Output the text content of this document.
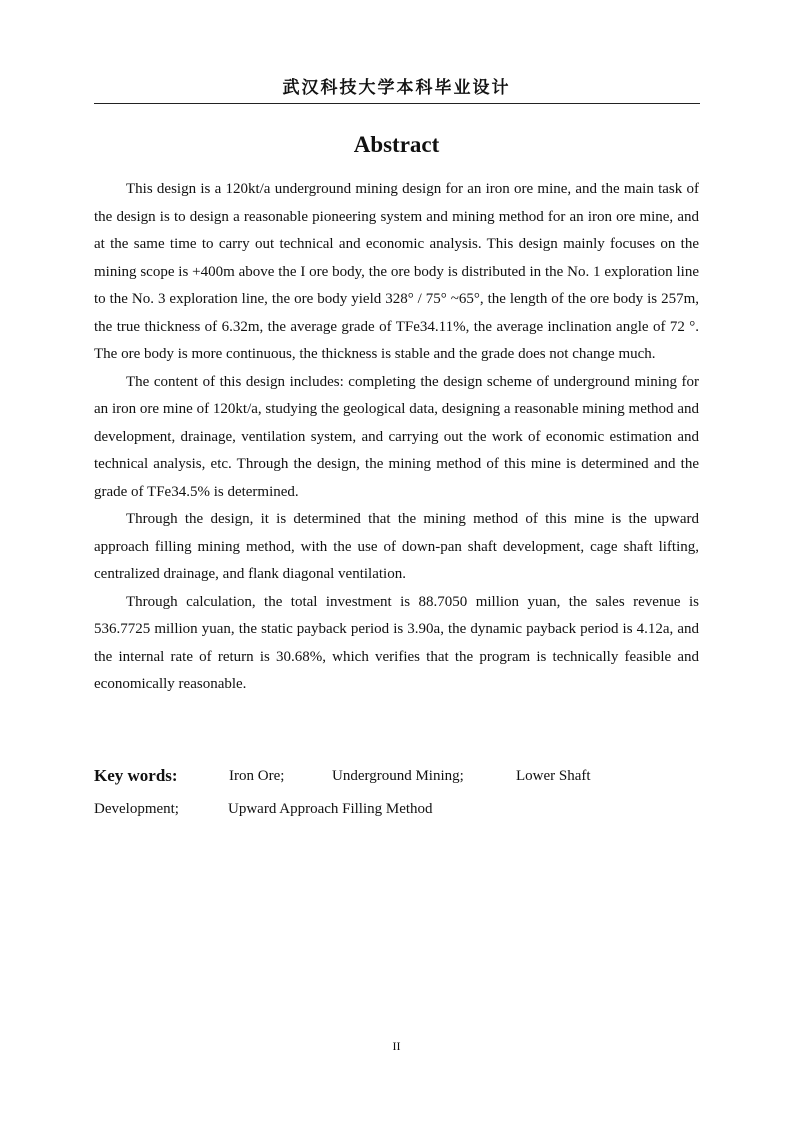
武汉科技大学本科毕业设计
Abstract

This design is a 120kt/a underground mining design for an iron ore mine, and the main task of the design is to design a reasonable pioneering system and mining method for an iron ore mine, and at the same time to carry out technical and economic analysis. This design mainly focuses on the mining scope is +400m above the I ore body, the ore body is distributed in the No. 1 exploration line to the No. 3 exploration line, the ore body yield 328° / 75° ~65°, the length of the ore body is 257m, the true thickness of 6.32m, the average grade of TFe34.11%, the average inclination angle of 72 °. The ore body is more continuous, the thickness is stable and the grade does not change much.

The content of this design includes: completing the design scheme of underground mining for an iron ore mine of 120kt/a, studying the geological data, designing a reasonable mining method and development, drainage, ventilation system, and carrying out the work of economic estimation and technical analysis, etc. Through the design, the mining method of this mine is determined and the grade of TFe34.5% is determined.

Through the design, it is determined that the mining method of this mine is the upward approach filling mining method, with the use of down-pan shaft development, cage shaft lifting, centralized drainage, and flank diagonal ventilation.

Through calculation, the total investment is 88.7050 million yuan, the sales revenue is 536.7725 million yuan, the static payback period is 3.90a, the dynamic payback period is 4.12a, and the internal rate of return is 30.68%, which verifies that the program is technically feasible and economically reasonable.

Key words:	Iron Ore;	Underground Mining;	Lower Shaft
Development;	Upward Approach Filling Method
II
